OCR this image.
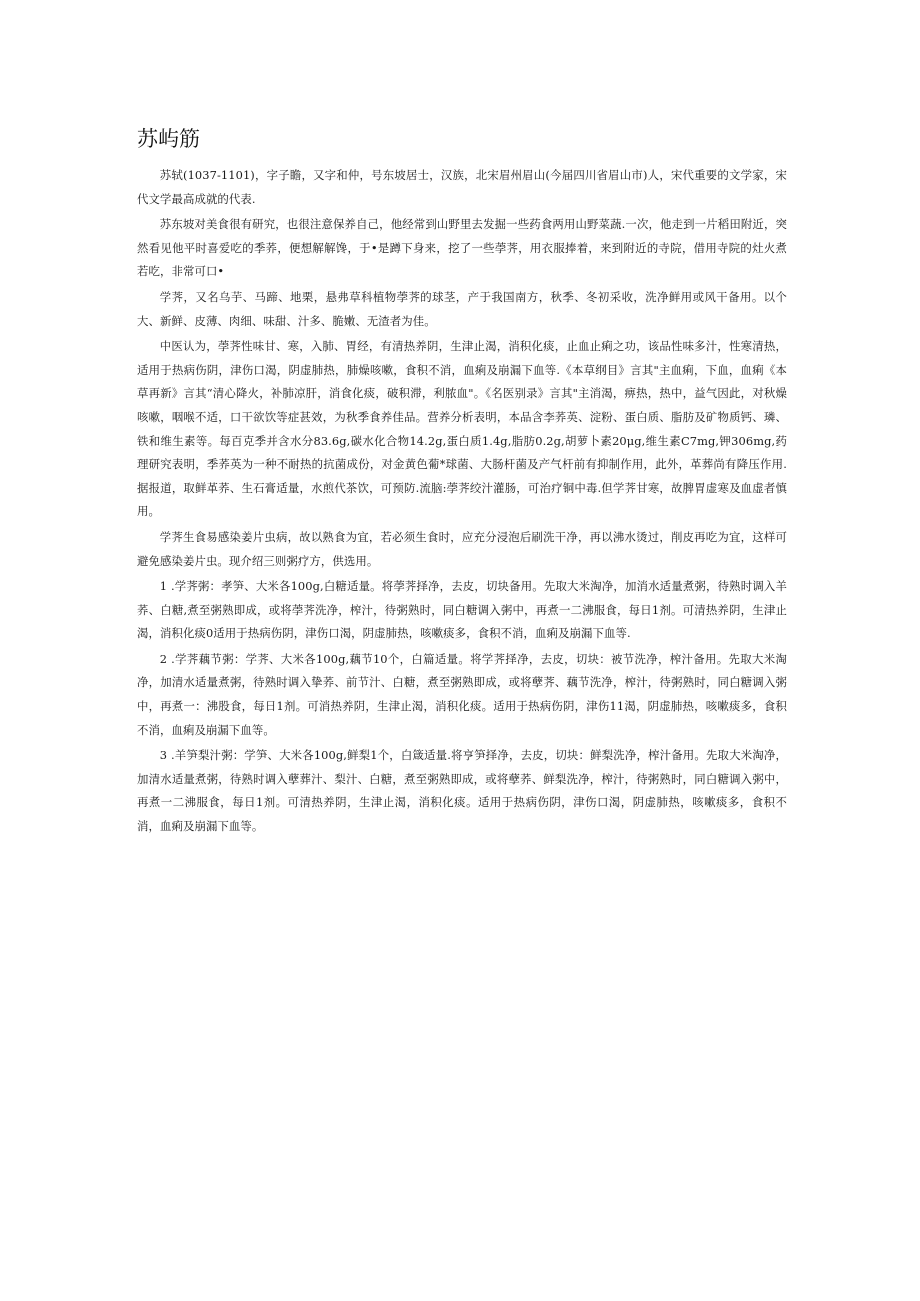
苏屿筋

苏轼(1037-1101)，字子瞻，又字和仲，号东坡居士，汉族，北宋眉州眉山(今届四川省眉山市)人，宋代重要的文学家，宋代文学最高成就的代表.

苏东坡对美食很有研究，也很注意保养自己，他经常到山野里去发掘一些药食两用山野菜蔬.一次，他走到一片稻田附近，突然看见他平时喜爱吃的季荞，便想解解馋，于•是蹲下身来，挖了一些荸荠，用衣服捧着，来到附近的寺院，借用寺院的灶火煮若吃，非常可口•

学荠，又名乌芋、马蹄、地栗，悬弗草科植物荸荠的球茎，产于我国南方，秋季、冬初采收，洗净鲜用或风干备用。以个大、新鲜、皮薄、肉细、味甜、汁多、脆嫩、无渣者为佳。

中医认为，荸荠性味甘、寒，入肺、胃经，有清热养阴，生津止渴，消积化痰，止血止痢之功，该品性味多汁，性寒清热，适用于热病伤阴，津伤口渴，阴虚肺热，肺燥咳嗽，食积不消，血痢及崩漏下血等.《本草纲目》言其"主血痢，下血，血痢《本草再新》言其“清心降火，补肺凉肝，消食化痰，破积滞，利脓血"。《名医别录》言其"主消渴，痹热，热中，益气因此，对秋燥咳嗽，咽喉不适，口干欲饮等症甚效，为秋季食养佳品。营养分析表明，本品含李荞英、淀粉、蛋白质、脂肪及矿物质钙、璘、铁和维生素等。每百克季并含水分83.6g,碳水化合物14.2g,蛋白质1.4g,脂肪0.2g,胡萝卜素20μg,维生素C7mg,钾306mg,药理研究表明，季荞英为一种不耐热的抗菌成份，对金黄色葡*球菌、大肠杆菌及产气杆前有抑制作用，此外，革葬尚有降压作用.据报道，取鲜革荞、生石膏适量，水煎代茶饮，可预防.流脑:荸荠绞汁灌肠，可治疗铜中毒.但学荠甘寒，故脾胃虚寒及血虚者慎用。

学荠生食易感染姜片虫病，故以熟食为宜，若必须生食时，应充分浸泡后刷洗干净，再以沸水烫过，削皮再吃为宜，这样可避免感染姜片虫。现介绍三则粥疗方，供选用。

1 .学荠粥：孝笋、大米各100g,白糖适量。将荸荠择净，去皮，切块备用。先取大米淘净，加消水适量煮粥，待熟时调入羊荞、白糖,煮至粥熟即成，或将荸荠洗净，榨汁，待粥熟时，同白糖调入粥中，再煮一二沸服食，每日1剂。可清热养阴，生津止渴，消积化痰0适用于热病伤阴，津伤口渴，阴虚肺热，咳嗽痰多，食积不消，血痢及崩漏下血等.

2 .学荠藕节粥：学荠、大米各100g,藕节10个，白篇适量。将学荠择净，去皮，切块：被节洗净，榨汁备用。先取大米淘净，加清水适量煮粥，待熟时调入挚荞、前节汁、白糖，煮至粥熟即成，或将孽荠、藕节洗净，榨汁，待粥熟时，同白糖调入粥中，再煮一：沸股食，每日1剂。可消热养阴，生津止渴，消积化痰。适用于热病伤阴，津伤11渴，阴虚肺热，咳嗽痰多，食积不消，血痢及崩漏下血等。

3 .羊笋梨汁粥：学笋、大米各100g,鲜梨1个，白箴适量.将亨笋择净，去皮，切块：鲜梨洗净，榨汁备用。先取大米淘净，加清水适量煮粥，待熟时调入孽葬汁、梨汁、白糖，煮至粥熟即成，或将孽荞、鲜梨洗净，榨汁，待粥熟时，同白糖调入粥中，再煮一二沸服食，每日1剂。可清热养阴，生津止渴，消积化痰。适用于热病伤阴，津伤口渴，阴虚肺热，咳嗽痰多，食积不消，血痢及崩漏下血等。
